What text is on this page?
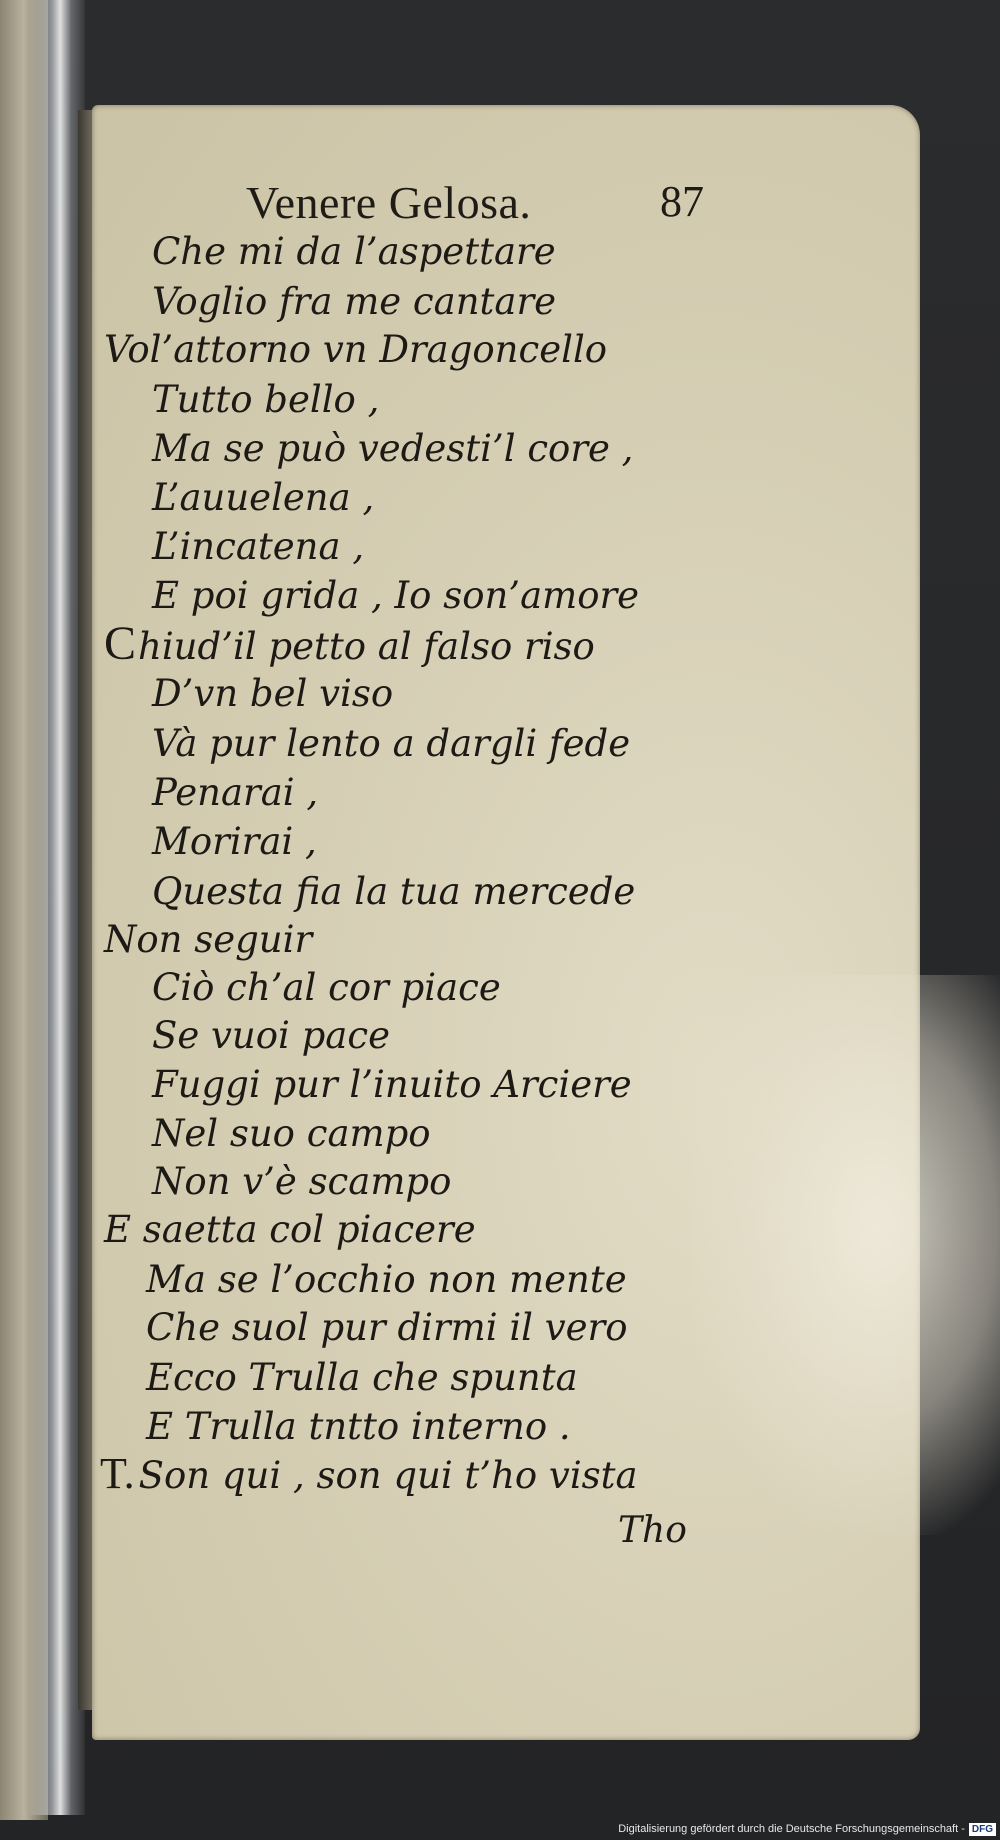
Venere Gelosa.	87
Che mi da l’aspettare
Voglio fra me cantare
Vol’attorno vn Dragoncello
Tutto bello ,
Ma se può vedesti’l core ,
L’auuelena ,
L’incatena ,
E poi grida , Io son’amore
Chiud’il petto al falso riso
D’vn bel viso
Và pur lento a dargli fede
Penarai ,
Morirai ,
Questa fia la tua mercede
Non seguir
Ciò ch’al cor piace
Se vuoi pace
Fuggi pur l’inuito Arciere
Nel suo campo
Non v’è scampo
E saetta col piacere
Ma se l’occhio non mente
Che suol pur dirmi il vero
Ecco Trulla che spunta
E Trulla tntto interno .
T. Son qui , son qui t’ho vista
Tho
Digitalisierung gefördert durch die Deutsche Forschungsgemeinschaft - DFG
